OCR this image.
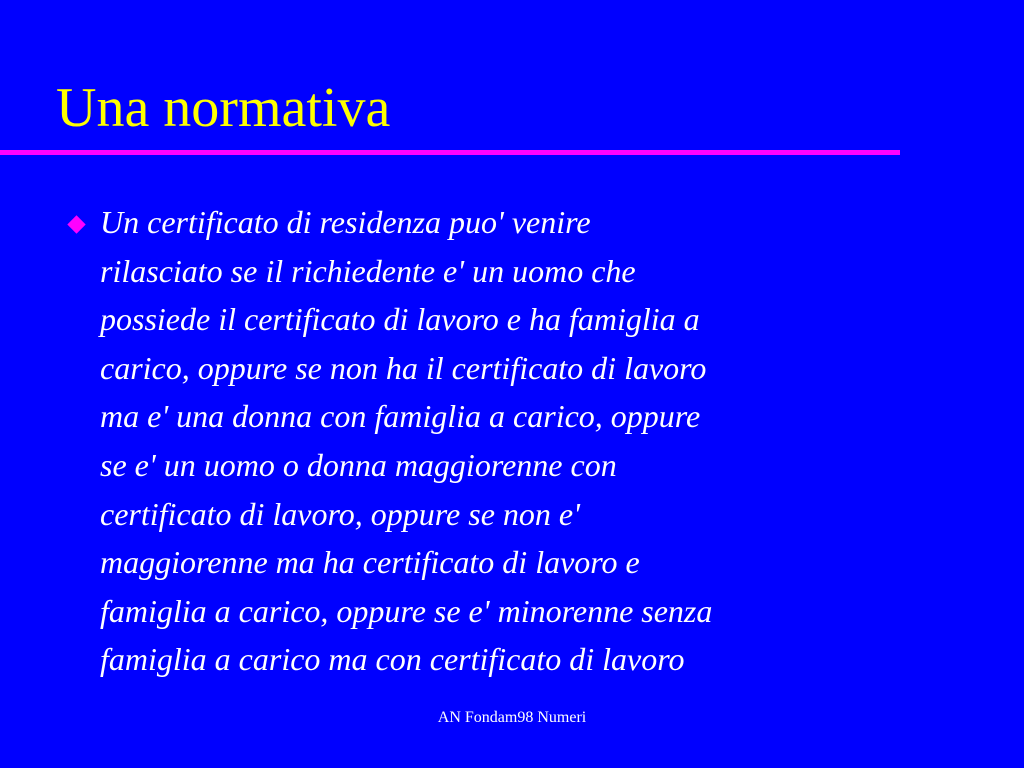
Una normativa

Un certificato di residenza puo' venire
rilasciato se il richiedente e' un uomo che
possiede il certificato di lavoro e ha famiglia a
carico, oppure se non ha il certificato di lavoro
ma e' una donna con famiglia a carico, oppure
se e' un uomo o donna maggiorenne con
certificato di lavoro, oppure se non e'
maggiorenne ma ha certificato di lavoro e
famiglia a carico, oppure se e' minorenne senza
famiglia a carico ma con certificato di lavoro

AN Fondam98 Numeri
